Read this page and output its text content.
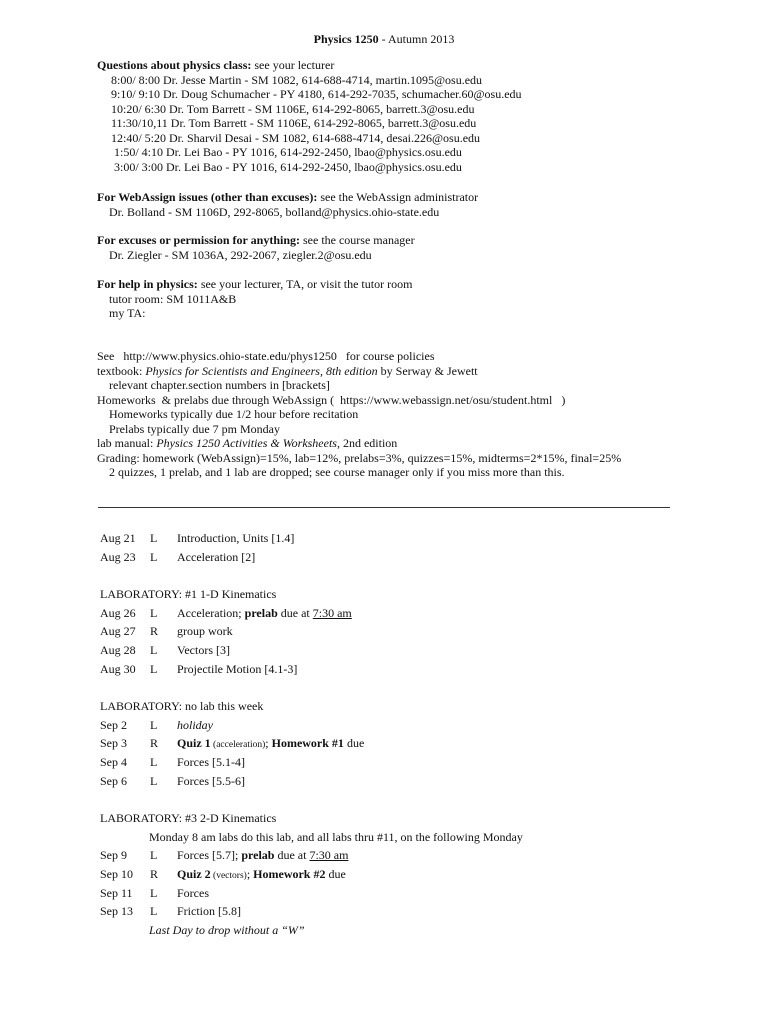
Physics 1250 - Autumn 2013
Questions about physics class: see your lecturer
8:00/ 8:00 Dr. Jesse Martin - SM 1082, 614-688-4714, martin.1095@osu.edu
9:10/ 9:10 Dr. Doug Schumacher - PY 4180, 614-292-7035, schumacher.60@osu.edu
10:20/ 6:30 Dr. Tom Barrett - SM 1106E, 614-292-8065, barrett.3@osu.edu
11:30/10,11 Dr. Tom Barrett - SM 1106E, 614-292-8065, barrett.3@osu.edu
12:40/ 5:20 Dr. Sharvil Desai - SM 1082, 614-688-4714, desai.226@osu.edu
1:50/ 4:10 Dr. Lei Bao - PY 1016, 614-292-2450, lbao@physics.osu.edu
3:00/ 3:00 Dr. Lei Bao - PY 1016, 614-292-2450, lbao@physics.osu.edu
For WebAssign issues (other than excuses): see the WebAssign administrator
Dr. Bolland - SM 1106D, 292-8065, bolland@physics.ohio-state.edu
For excuses or permission for anything: see the course manager
Dr. Ziegler - SM 1036A, 292-2067, ziegler.2@osu.edu
For help in physics: see your lecturer, TA, or visit the tutor room
tutor room: SM 1011A&B
my TA:
See   http://www.physics.ohio-state.edu/phys1250   for course policies
textbook: Physics for Scientists and Engineers, 8th edition by Serway & Jewett
relevant chapter.section numbers in [brackets]
Homeworks  & prelabs due through WebAssign (  https://www.webassign.net/osu/student.html   )
Homeworks typically due 1/2 hour before recitation
Prelabs typically due 7 pm Monday
lab manual: Physics 1250 Activities & Worksheets, 2nd edition
Grading: homework (WebAssign)=15%, lab=12%, prelabs=3%, quizzes=15%, midterms=2*15%, final=25%
2 quizzes, 1 prelab, and 1 lab are dropped; see course manager only if you miss more than this.
Aug 21 L Introduction, Units [1.4]
Aug 23 L Acceleration [2]
LABORATORY: #1 1-D Kinematics
Aug 26 L Acceleration; prelab due at 7:30 am
Aug 27 R group work
Aug 28 L Vectors [3]
Aug 30 L Projectile Motion [4.1-3]
LABORATORY: no lab this week
Sep 2 L holiday
Sep 3 R Quiz 1 (acceleration); Homework #1 due
Sep 4 L Forces [5.1-4]
Sep 6 L Forces [5.5-6]
LABORATORY: #3 2-D Kinematics
Monday 8 am labs do this lab, and all labs thru #11, on the following Monday
Sep 9 L Forces [5.7]; prelab due at 7:30 am
Sep 10 R Quiz 2 (vectors); Homework #2 due
Sep 11 L Forces
Sep 13 L Friction [5.8]
Last Day to drop without a “W”
